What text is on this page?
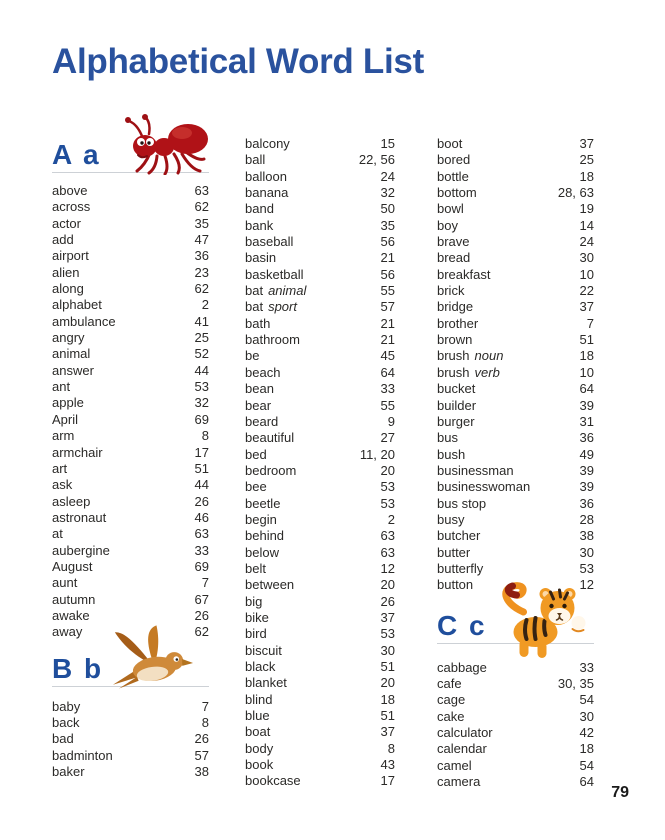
Alphabetical Word List
A a
above	63
across	62
actor	35
add	47
airport	36
alien	23
along	62
alphabet	2
ambulance	41
angry	25
animal	52
answer	44
ant	53
apple	32
April	69
arm	8
armchair	17
art	51
ask	44
asleep	26
astronaut	46
at	63
aubergine	33
August	69
aunt	7
autumn	67
awake	26
away	62
B b
baby	7
back	8
bad	26
badminton	57
baker	38
balcony	15
ball	22, 56
balloon	24
banana	32
band	50
bank	35
baseball	56
basin	21
basketball	56
bat animal	55
bat sport	57
bath	21
bathroom	21
be	45
beach	64
bean	33
bear	55
beard	9
beautiful	27
bed	11, 20
bedroom	20
bee	53
beetle	53
begin	2
behind	63
below	63
belt	12
between	20
big	26
bike	37
bird	53
biscuit	30
black	51
blanket	20
blind	18
blue	51
boat	37
body	8
book	43
bookcase	17
boot	37
bored	25
bottle	18
bottom	28, 63
bowl	19
boy	14
brave	24
bread	30
breakfast	10
brick	22
bridge	37
brother	7
brown	51
brush noun	18
brush verb	10
bucket	64
builder	39
burger	31
bus	36
bush	49
businessman	39
businesswoman	39
bus stop	36
busy	28
butcher	38
butter	30
butterfly	53
button	12
C c
cabbage	33
cafe	30, 35
cage	54
cake	30
calculator	42
calendar	18
camel	54
camera	64
79
